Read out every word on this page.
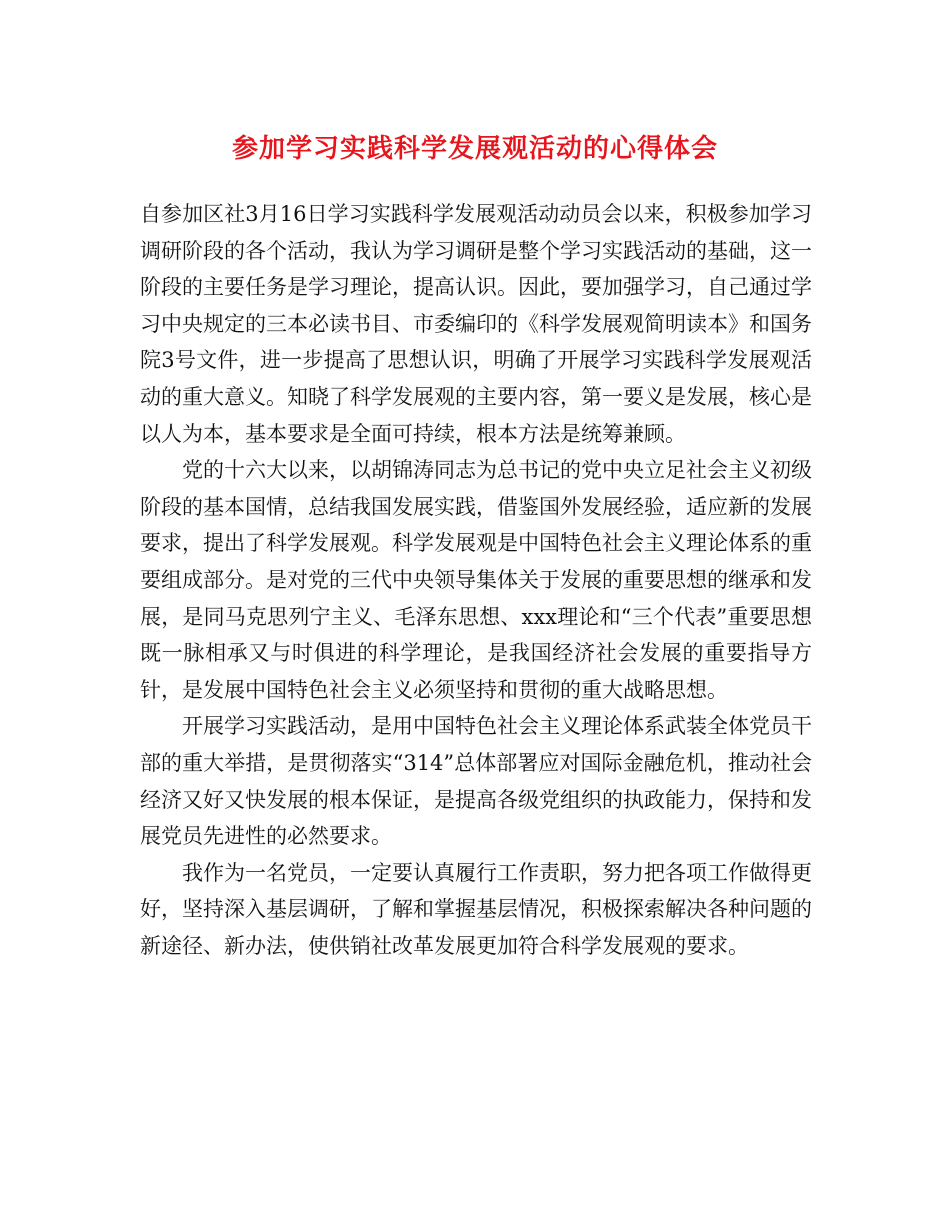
参加学习实践科学发展观活动的心得体会

自参加区社3月16日学习实践科学发展观活动动员会以来，积极参加学习调研阶段的各个活动，我认为学习调研是整个学习实践活动的基础，这一阶段的主要任务是学习理论，提高认识。因此，要加强学习，自己通过学习中央规定的三本必读书目、市委编印的《科学发展观简明读本》和国务院3号文件，进一步提高了思想认识，明确了开展学习实践科学发展观活动的重大意义。知晓了科学发展观的主要内容，第一要义是发展，核心是以人为本，基本要求是全面可持续，根本方法是统筹兼顾。

党的十六大以来，以胡锦涛同志为总书记的党中央立足社会主义初级阶段的基本国情，总结我国发展实践，借鉴国外发展经验，适应新的发展要求，提出了科学发展观。科学发展观是中国特色社会主义理论体系的重要组成部分。是对党的三代中央领导集体关于发展的重要思想的继承和发展，是同马克思列宁主义、毛泽东思想、xxx理论和“三个代表”重要思想既一脉相承又与时俱进的科学理论，是我国经济社会发展的重要指导方针，是发展中国特色社会主义必须坚持和贯彻的重大战略思想。

开展学习实践活动，是用中国特色社会主义理论体系武装全体党员干部的重大举措，是贯彻落实“314”总体部署应对国际金融危机，推动社会经济又好又快发展的根本保证，是提高各级党组织的执政能力，保持和发展党员先进性的必然要求。

我作为一名党员，一定要认真履行工作责职，努力把各项工作做得更好，坚持深入基层调研，了解和掌握基层情况，积极探索解决各种问题的新途径、新办法，使供销社改革发展更加符合科学发展观的要求。
